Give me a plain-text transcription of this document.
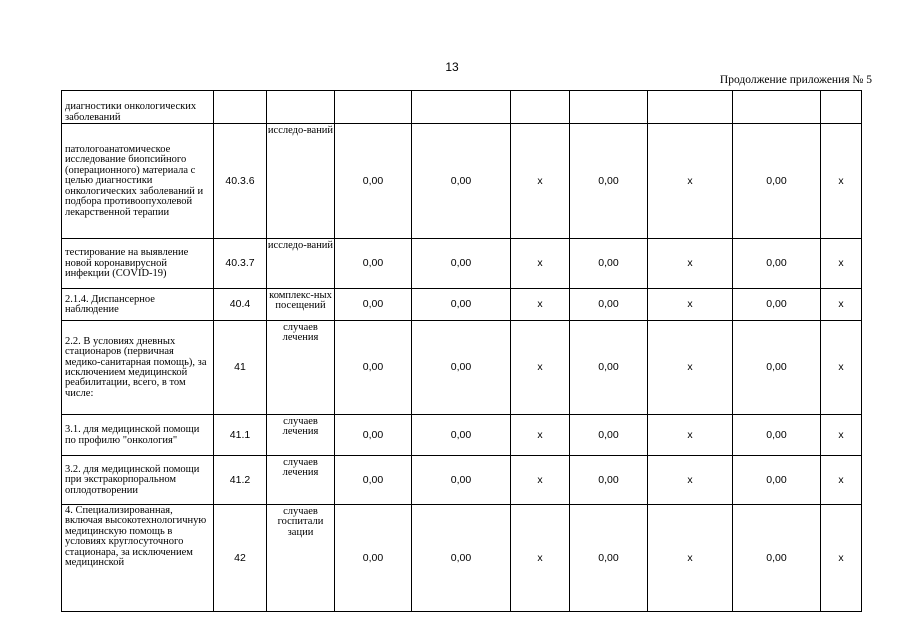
13
Продолжение приложения № 5
диагностики онкологических заболеваний									
патологоанатомическое исследование биопсийного (операционного) материала с целью диагностики онкологических заболеваний и подбора противоопухолевой лекарственной терапии	40.3.6	исследо-ваний	0,00	0,00	х	0,00	х	0,00	х
тестирование на выявление новой коронавирусной инфекции (COVID-19)	40.3.7	исследо-ваний	0,00	0,00	х	0,00	х	0,00	х
2.1.4. Диспансерное наблюдение	40.4	комплекс-ных посещений	0,00	0,00	х	0,00	х	0,00	х
2.2. В условиях дневных стационаров (первичная медико-санитарная помощь), за исключением медицинской реабилитации, всего, в том числе:	41	случаев лечения	0,00	0,00	х	0,00	х	0,00	х
3.1. для медицинской помощи по профилю "онкология"	41.1	случаев лечения	0,00	0,00	х	0,00	х	0,00	х
3.2. для медицинской помощи при экстракорпоральном оплодотворении	41.2	случаев лечения	0,00	0,00	х	0,00	х	0,00	х
4. Специализированная, включая высокотехнологичную медицинскую помощь в условиях круглосуточного стационара, за исключением медицинской	42	случаев госпитали зации	0,00	0,00	х	0,00	х	0,00	х
